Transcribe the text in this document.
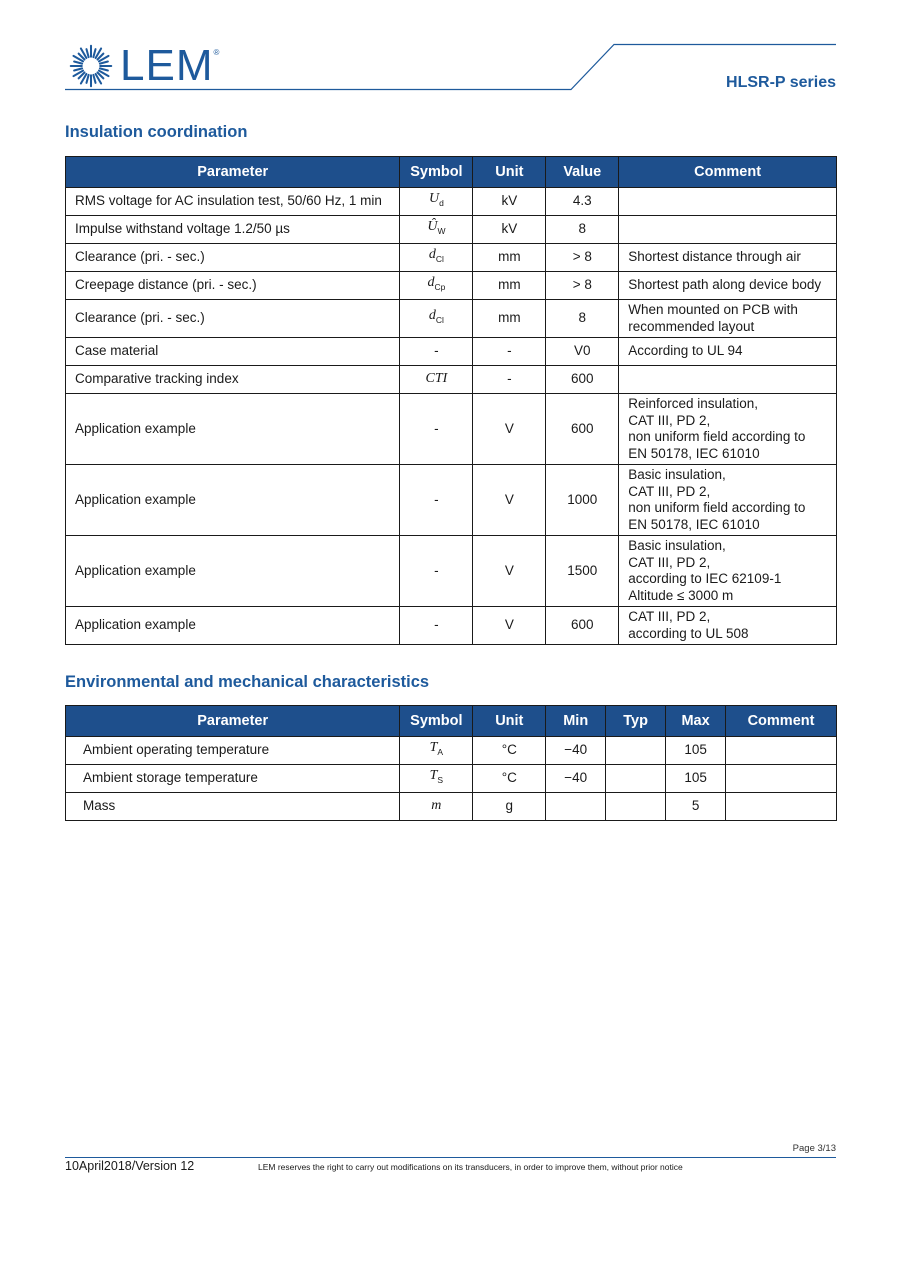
LEM ®
HLSR-P series
Insulation coordination
Parameter	Symbol	Unit	Value	Comment
RMS voltage for AC insulation test, 50/60 Hz, 1 min	$U_d$	kV	4.3	
Impulse withstand voltage 1.2/50 µs	$Û_W$	kV	8	
Clearance (pri. - sec.)	$d_{Cl}$	mm	> 8	Shortest distance through air
Creepage distance (pri. - sec.)	$d_{Cp}$	mm	> 8	Shortest path along device body
Clearance (pri. - sec.)	$d_{Cl}$	mm	8	When mounted on PCB with
recommended layout
Case material	-	-	V0	According to UL 94
Comparative tracking index	CTI	-	600	
Application example	-	V	600	Reinforced insulation,
CAT III, PD 2,
non uniform field according to
EN 50178, IEC 61010
Application example	-	V	1000	Basic insulation,
CAT III, PD 2,
non uniform field according to
EN 50178, IEC 61010
Application example	-	V	1500	Basic insulation,
CAT III, PD 2,
according to IEC 62109-1
Altitude ≤ 3000 m
Application example	-	V	600	CAT III, PD 2,
according to UL 508
Environmental and mechanical characteristics
Parameter	Symbol	Unit	Min	Typ	Max	Comment
Ambient operating temperature	$T_A$	°C	−40		105	
Ambient storage temperature	$T_S$	°C	−40		105	
Mass	m	g			5	
Page 3/13
10April2018/Version 12	LEM reserves the right to carry out modifications on its transducers, in order to improve them, without prior notice
